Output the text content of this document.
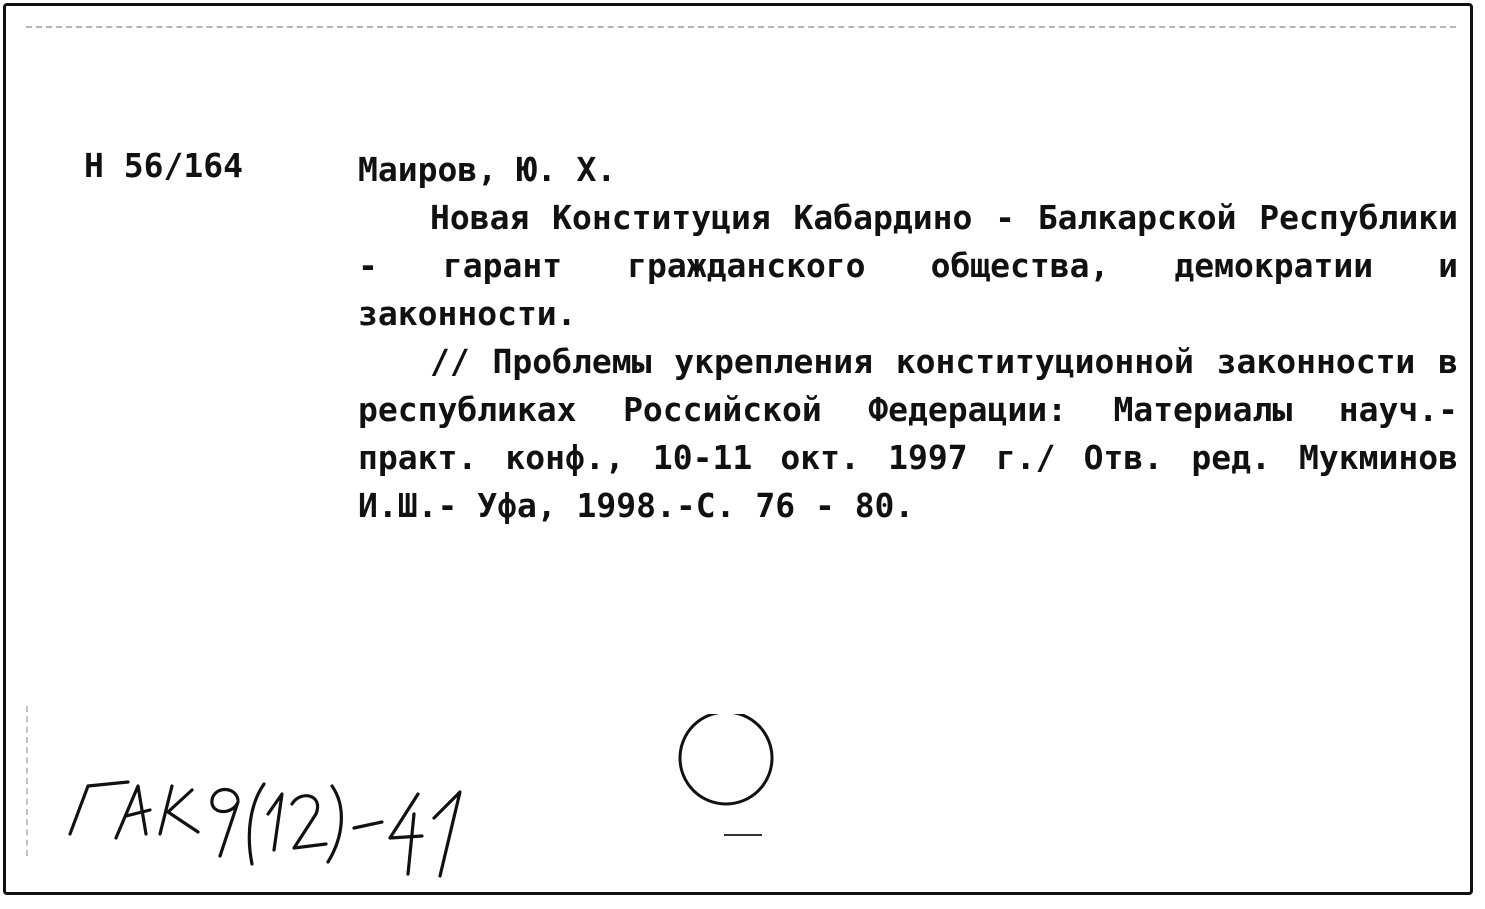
Н 56/164	Маиров, Ю. Х.

Новая Конституция Кабардино - Балкарской Республики - гарант гражданского общества, демократии и законности.

// Проблемы укрепления конституционной законности в республиках Российской Федерации: Материалы науч.- практ. конф., 10-11 окт. 1997 г./ Отв. ред. Мукминов И.Ш.- Уфа, 1998.-С. 76 - 80.
